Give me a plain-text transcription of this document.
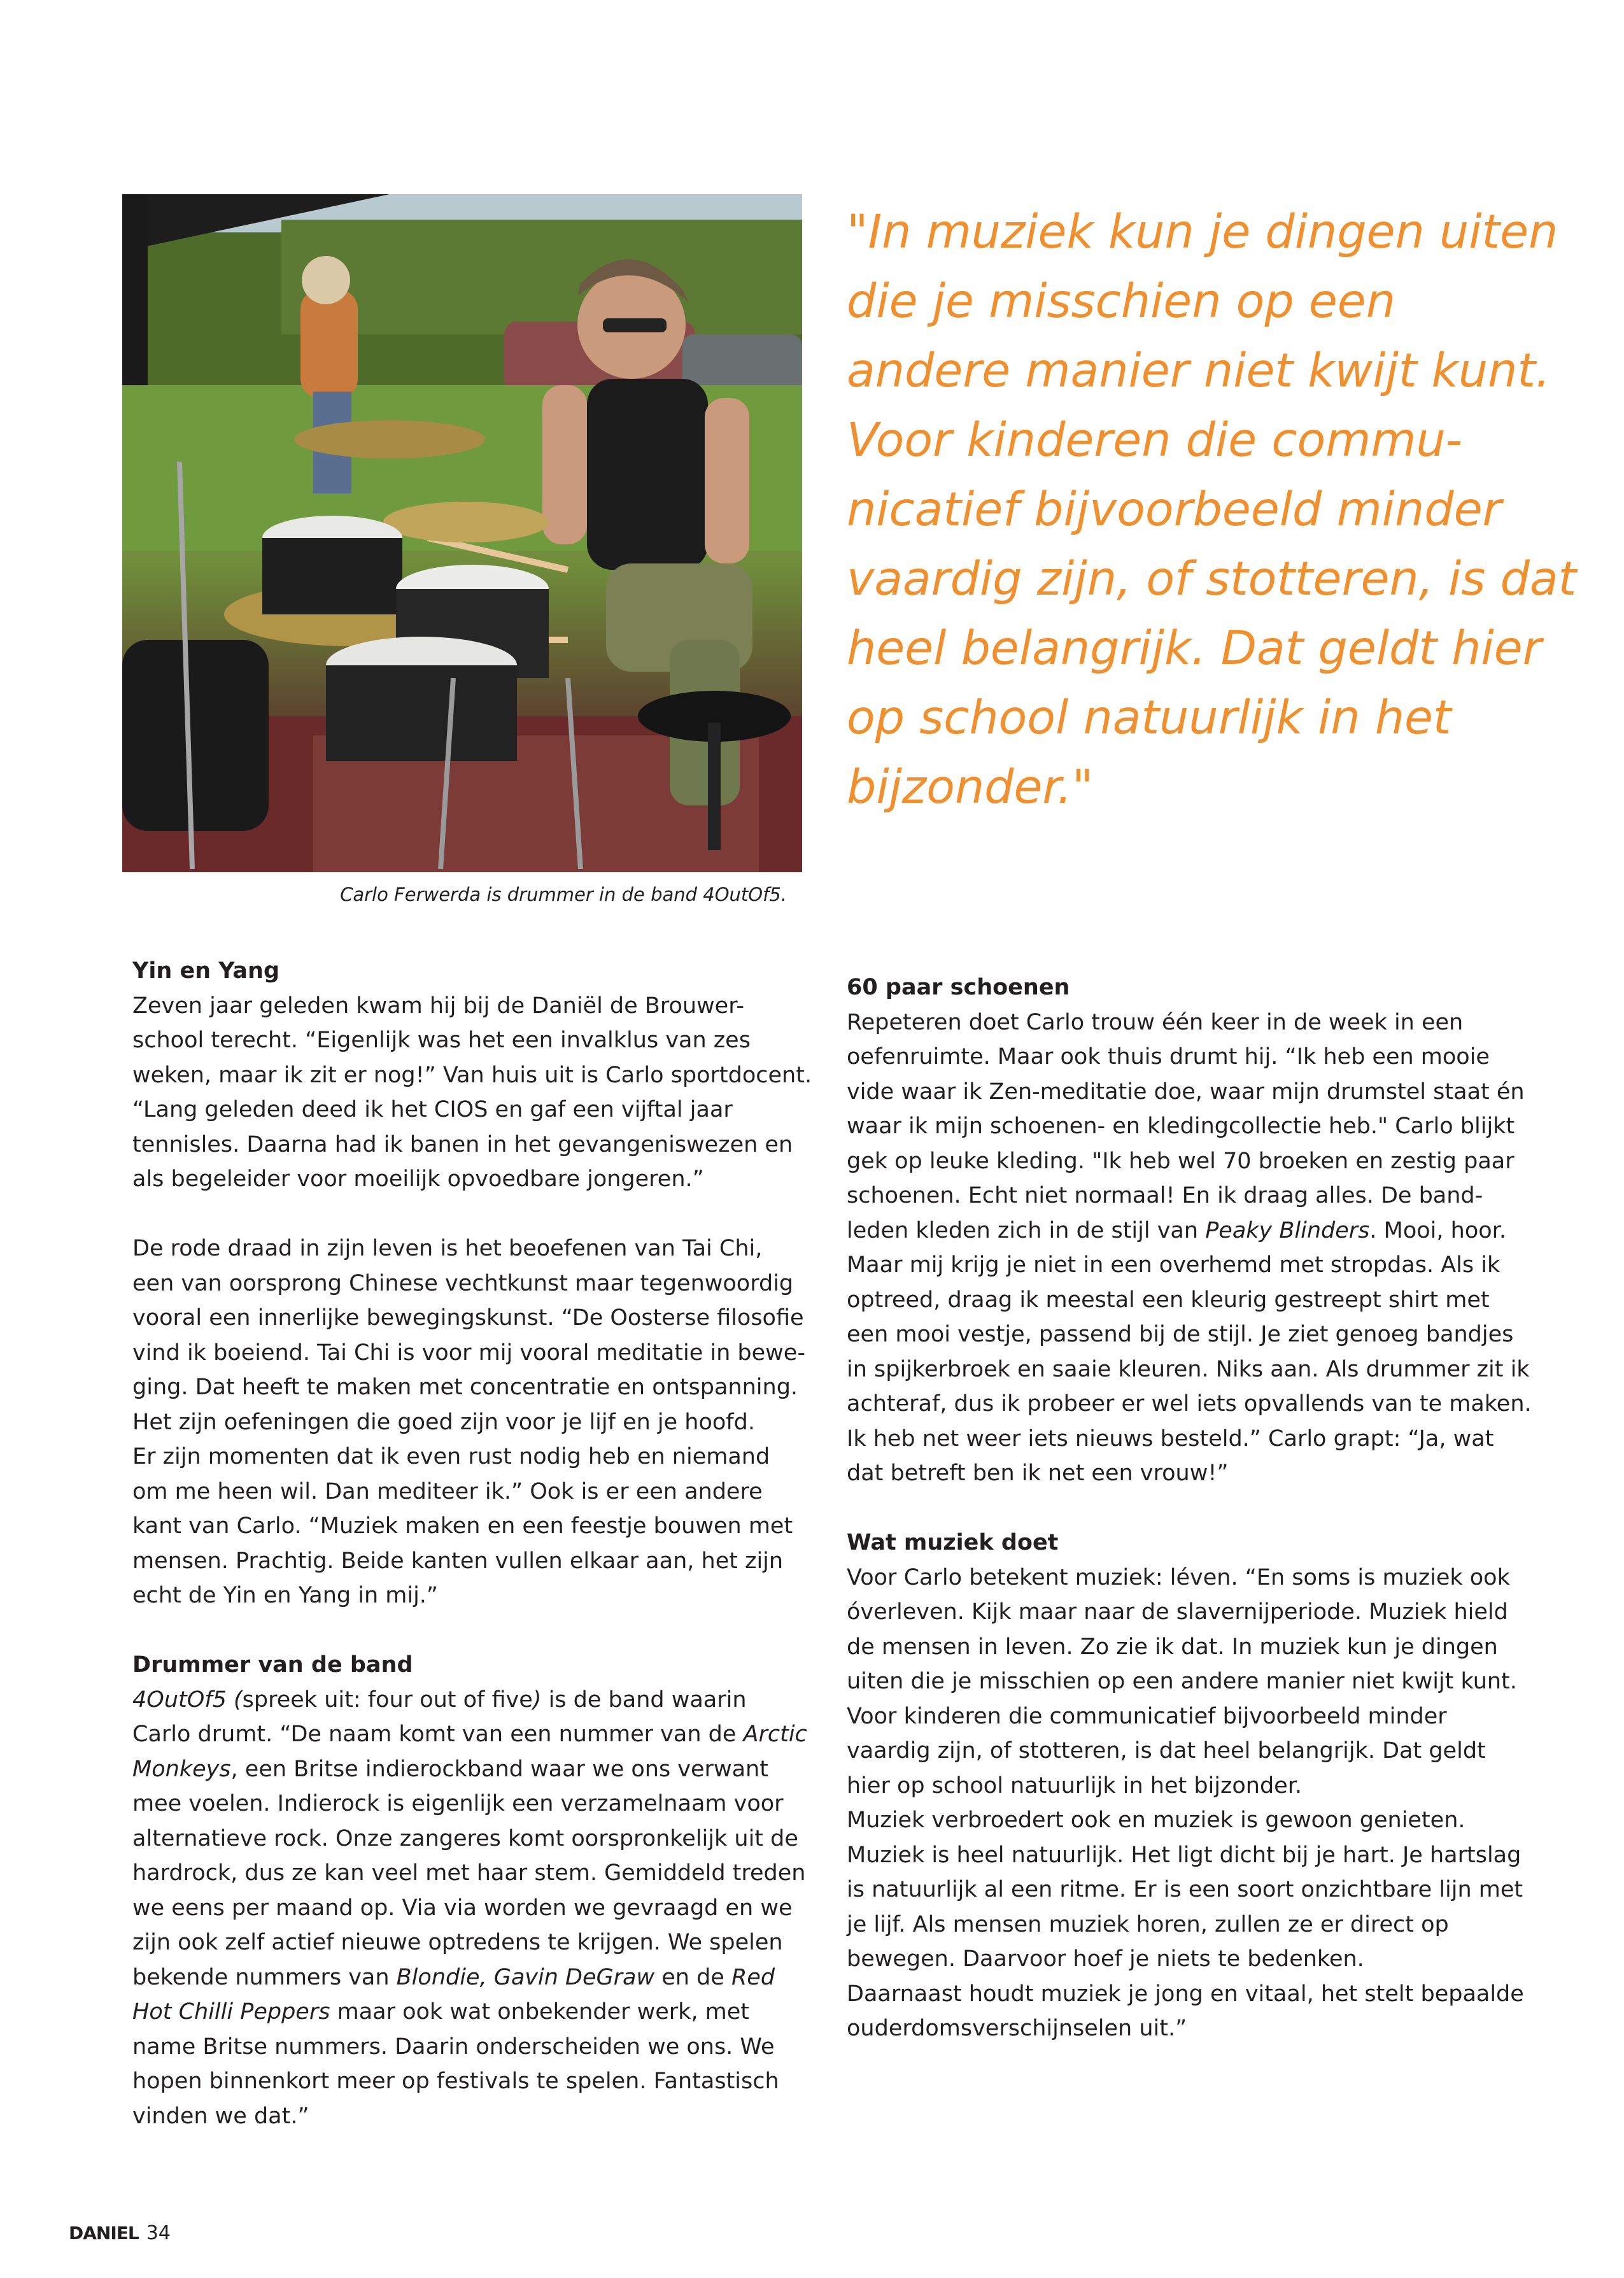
Carlo Ferwerda is drummer in de band 4OutOf5.
"In muziek kun je dingen uiten
die je misschien op een
andere manier niet kwijt kunt.
Voor kinderen die commu-
nicatief bijvoorbeeld minder
vaardig zijn, of stotteren, is dat
heel belangrijk. Dat geldt hier
op school natuurlijk in het
bijzonder."
Yin en Yang
Zeven jaar geleden kwam hij bij de Daniël de Brouwer-
school terecht. “Eigenlijk was het een invalklus van zes
weken, maar ik zit er nog!” Van huis uit is Carlo sportdocent.
“Lang geleden deed ik het CIOS en gaf een vijftal jaar
tennisles. Daarna had ik banen in het gevangeniswezen en
als begeleider voor moeilijk opvoedbare jongeren.”
De rode draad in zijn leven is het beoefenen van Tai Chi,
een van oorsprong Chinese vechtkunst maar tegenwoordig
vooral een innerlijke bewegingskunst. “De Oosterse filosofie
vind ik boeiend. Tai Chi is voor mij vooral meditatie in bewe-
ging. Dat heeft te maken met concentratie en ontspanning.
Het zijn oefeningen die goed zijn voor je lijf en je hoofd.
Er zijn momenten dat ik even rust nodig heb en niemand
om me heen wil. Dan mediteer ik.” Ook is er een andere
kant van Carlo. “Muziek maken en een feestje bouwen met
mensen. Prachtig. Beide kanten vullen elkaar aan, het zijn
echt de Yin en Yang in mij.”
Drummer van de band
4OutOf5 (spreek uit: four out of five) is de band waarin
Carlo drumt. “De naam komt van een nummer van de Arctic
Monkeys, een Britse indierockband waar we ons verwant
mee voelen. Indierock is eigenlijk een verzamelnaam voor
alternatieve rock. Onze zangeres komt oorspronkelijk uit de
hardrock, dus ze kan veel met haar stem. Gemiddeld treden
we eens per maand op. Via via worden we gevraagd en we
zijn ook zelf actief nieuwe optredens te krijgen. We spelen
bekende nummers van Blondie, Gavin DeGraw en de Red
Hot Chilli Peppers maar ook wat onbekender werk, met
name Britse nummers. Daarin onderscheiden we ons. We
hopen binnenkort meer op festivals te spelen. Fantastisch
vinden we dat.”
60 paar schoenen
Repeteren doet Carlo trouw één keer in de week in een
oefenruimte. Maar ook thuis drumt hij. “Ik heb een mooie
vide waar ik Zen-meditatie doe, waar mijn drumstel staat én
waar ik mijn schoenen- en kledingcollectie heb." Carlo blijkt
gek op leuke kleding. "Ik heb wel 70 broeken en zestig paar
schoenen. Echt niet normaal! En ik draag alles. De band-
leden kleden zich in de stijl van Peaky Blinders. Mooi, hoor.
Maar mij krijg je niet in een overhemd met stropdas. Als ik
optreed, draag ik meestal een kleurig gestreept shirt met
een mooi vestje, passend bij de stijl. Je ziet genoeg bandjes
in spijkerbroek en saaie kleuren. Niks aan. Als drummer zit ik
achteraf, dus ik probeer er wel iets opvallends van te maken.
Ik heb net weer iets nieuws besteld.” Carlo grapt: “Ja, wat
dat betreft ben ik net een vrouw!”
Wat muziek doet
Voor Carlo betekent muziek: léven. “En soms is muziek ook
óverleven. Kijk maar naar de slavernijperiode. Muziek hield
de mensen in leven. Zo zie ik dat. In muziek kun je dingen
uiten die je misschien op een andere manier niet kwijt kunt.
Voor kinderen die communicatief bijvoorbeeld minder
vaardig zijn, of stotteren, is dat heel belangrijk. Dat geldt
hier op school natuurlijk in het bijzonder.
Muziek verbroedert ook en muziek is gewoon genieten.
Muziek is heel natuurlijk. Het ligt dicht bij je hart. Je hartslag
is natuurlijk al een ritme. Er is een soort onzichtbare lijn met
je lijf. Als mensen muziek horen, zullen ze er direct op
bewegen. Daarvoor hoef je niets te bedenken.
Daarnaast houdt muziek je jong en vitaal, het stelt bepaalde
ouderdomsverschijnselen uit.”
DANIEL 34
